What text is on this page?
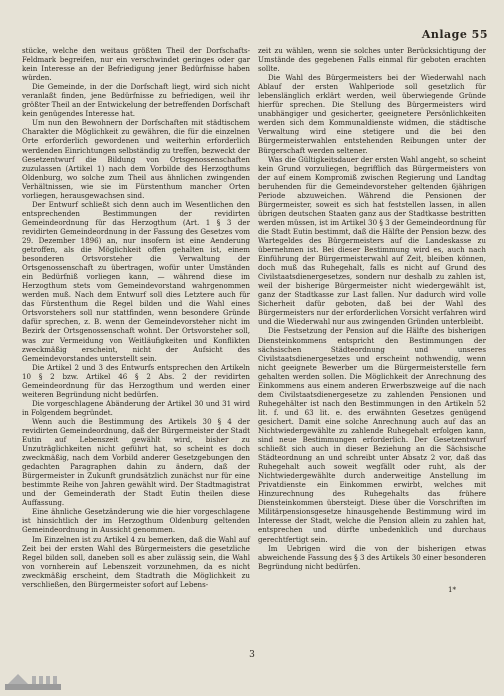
Anlage 55

stücke, welche den weitaus größten Theil der Dorfschafts-Feldmark begreifen, nur ein verschwindet geringes oder gar kein Interesse an der Befriedigung jener Bedürfnisse haben würden.

Die Gemeinde, in der die Dorfschaft liegt, wird sich nicht veranlaßt finden, jene Bedürfnisse zu befriedigen, weil ihr größter Theil an der Entwickelung der betreffenden Dorfschaft kein genügendes Interesse hat.

Um nun den Bewohnern der Dorfschaften mit städtischem Charakter die Möglichkeit zu gewähren, die für die einzelnen Orte erforderlich gewordenen und weiterhin erforderlich werdenden Einrichtungen selbständig zu treffen, bezweckt der Gesetzentwurf die Bildung von Ortsgenossenschaften zuzulassen (Artikel 1) nach dem Vorbilde des Herzogthums Oldenburg, wo solche zum Theil aus ähnlichen zwingenden Verhältnissen, wie sie im Fürstenthum mancher Orten vorliegen, herausgewachsen sind.

Der Entwurf schließt sich denn auch im Wesentlichen den entsprechenden Bestimmungen der revidirten Gemeindeordnung für das Herzogthum (Art. 1 § 3 der revidirten Gemeindeordnung in der Fassung des Gesetzes vom 29. Dezember 1896) an, nur insofern ist eine Aenderung getroffen, als die Möglichkeit offen gehalten ist, einem besonderen Ortsvorsteher die Verwaltung der Ortsgenossenschaft zu übertragen, wofür unter Umständen ein Bedürfniß vorliegen kann, — während diese im Herzogthum stets vom Gemeindevorstand wahrgenommen werden muß. Nach dem Entwurf soll dies Letztere auch für das Fürstenthum die Regel bilden und die Wahl eines Ortsvorstehers soll nur stattfinden, wenn besondere Gründe dafür sprechen, z. B. wenn der Gemeindevorsteher nicht im Bezirk der Ortsgenossenschaft wohnt. Der Ortsvorsteher soll, was zur Vermeidung von Weitläufigkeiten und Konflikten zweckmäßig erscheint, nicht der Aufsicht des Gemeindevorstandes unterstellt sein.

Die Artikel 2 und 3 des Entwurfs entsprechen den Artikeln 10 § 2 bzw. Artikel 46 § 2 Abs. 2 der revidirten Gemeindeordnung für das Herzogthum und werden einer weiteren Begründung nicht bedürfen.

Die vorgeschlagene Abänderung der Artikel 30 und 31 wird in Folgendem begründet.

Wenn auch die Bestimmung des Artikels 30 § 4 der revidirten Gemeindeordnung, daß der Bürgermeister der Stadt Eutin auf Lebenszeit gewählt wird, bisher zu Unzuträglichkeiten nicht geführt hat, so scheint es doch zweckmäßig, nach dem Vorbild anderer Gesetzgebungen den gedachten Paragraphen dahin zu ändern, daß der Bürgermeister in Zukunft grundsätzlich zunächst nur für eine bestimmte Reihe von Jahren gewählt wird. Der Stadtmagistrat und der Gemeinderath der Stadt Eutin theilen diese Auffassung.

Eine ähnliche Gesetzänderung wie die hier vorgeschlagene ist hinsichtlich der im Herzogthum Oldenburg geltenden Gemeindeordnung in Aussicht genommen.

Im Einzelnen ist zu Artikel 4 zu bemerken, daß die Wahl auf Zeit bei der ersten Wahl des Bürgermeisters die gesetzliche Regel bilden soll, daneben soll es aber zulässig sein, die Wahl von vornherein auf Lebenszeit vorzunehmen, da es nicht zweckmäßig erscheint, dem Stadtrath die Möglichkeit zu verschließen, den Bürgermeister sofort auf Lebens-

zeit zu wählen, wenn sie solches unter Berücksichtigung der Umstände des gegebenen Falls einmal für geboten erachten sollte.

Die Wahl des Bürgermeisters bei der Wiederwahl nach Ablauf der ersten Wahlperiode soll gesetzlich für lebenslänglich erklärt werden, weil überwiegende Gründe hierfür sprechen. Die Stellung des Bürgermeisters wird unabhängiger und gesicherter, geeignetere Persönlichkeiten werden sich dem Kommunaldienste widmen, die städtische Verwaltung wird eine stetigere und die bei den Bürgermeisterwahlen entstehenden Reibungen unter der Bürgerschaft werden seltener.

Was die Gültigkeitsdauer der ersten Wahl angeht, so scheint kein Grund vorzuliegen, begrifflich das Bürgermeisters von der auf einem Kompromiß zwischen Regierung und Landtag beruhenden für die Gemeindevorsteher geltenden 6jährigen Periode abzuweichen. Während die Pensionen der Bürgermeister, soweit es sich hat feststellen lassen, in allen übrigen deutschen Staaten ganz aus der Stadtkasse bestritten werden müssen, ist im Artikel 30 § 3 der Gemeindeordnung für die Stadt Eutin bestimmt, daß die Hälfte der Pension bezw. des Wartegeldes des Bürgermeisters auf die Landeskasse zu übernehmen ist. Bei dieser Bestimmung wird es, auch nach Einführung der Bürgermeisterwahl auf Zeit, bleiben können, doch muß das Ruhegehalt, falls es nicht auf Grund des Civilstaatsdienergesetzes, sondern nur deshalb zu zahlen ist, weil der bisherige Bürgermeister nicht wiedergewählt ist, ganz der Stadtkasse zur Last fallen. Nur dadurch wird volle Sicherheit dafür geboten, daß bei der Wahl des Bürgermeisters nur der erforderlichen Vorsicht verfahren wird und die Wiederwahl nur aus zwingenden Gründen unterbleibt.

Die Festsetzung der Pension auf die Hälfte des bisherigen Diensteinkommens entspricht den Bestimmungen der sächsischen Städteordnung und unseres Civilstaatsdienergesetzes und erscheint nothwendig, wenn nicht geeignete Bewerber um die Bürgermeisterstelle fern gehalten werden sollen. Die Möglichkeit der Anrechnung des Einkommens aus einem anderen Erwerbszweige auf die nach dem Civilstaatsdienergesetze zu zahlenden Pensionen und Ruhegehälter ist nach den Bestimmungen in den Artikeln 52 lit. f. und 63 lit. e. des erwähnten Gesetzes genügend gesichert. Damit eine solche Anrechnung auch auf das an Nichtwiedergewählte zu zahlende Ruhegehalt erfolgen kann, sind neue Bestimmungen erforderlich. Der Gesetzentwurf schließt sich auch in dieser Beziehung an die Sächsische Städteordnung an und schreibt unter Absatz 2 vor, daß das Ruhegehalt auch soweit wegfällt oder ruht, als der Nichtwiedergewählte durch anderweitige Anstellung im Privatdienste ein Einkommen erwirbt, welches mit Hinzurechnung des Ruhegehalts das frühere Diensteinkommen übersteigt. Diese über die Vorschriften im Militärpensionsgesetze hinausgehende Bestimmung wird im Interesse der Stadt, welche die Pension allein zu zahlen hat, entsprechen und dürfte unbedenklich und durchaus gerechtfertigt sein.

Im Uebrigen wird die von der bisherigen etwas abweichende Fassung des § 3 des Artikels 30 einer besonderen Begründung nicht bedürfen.

1*

3
